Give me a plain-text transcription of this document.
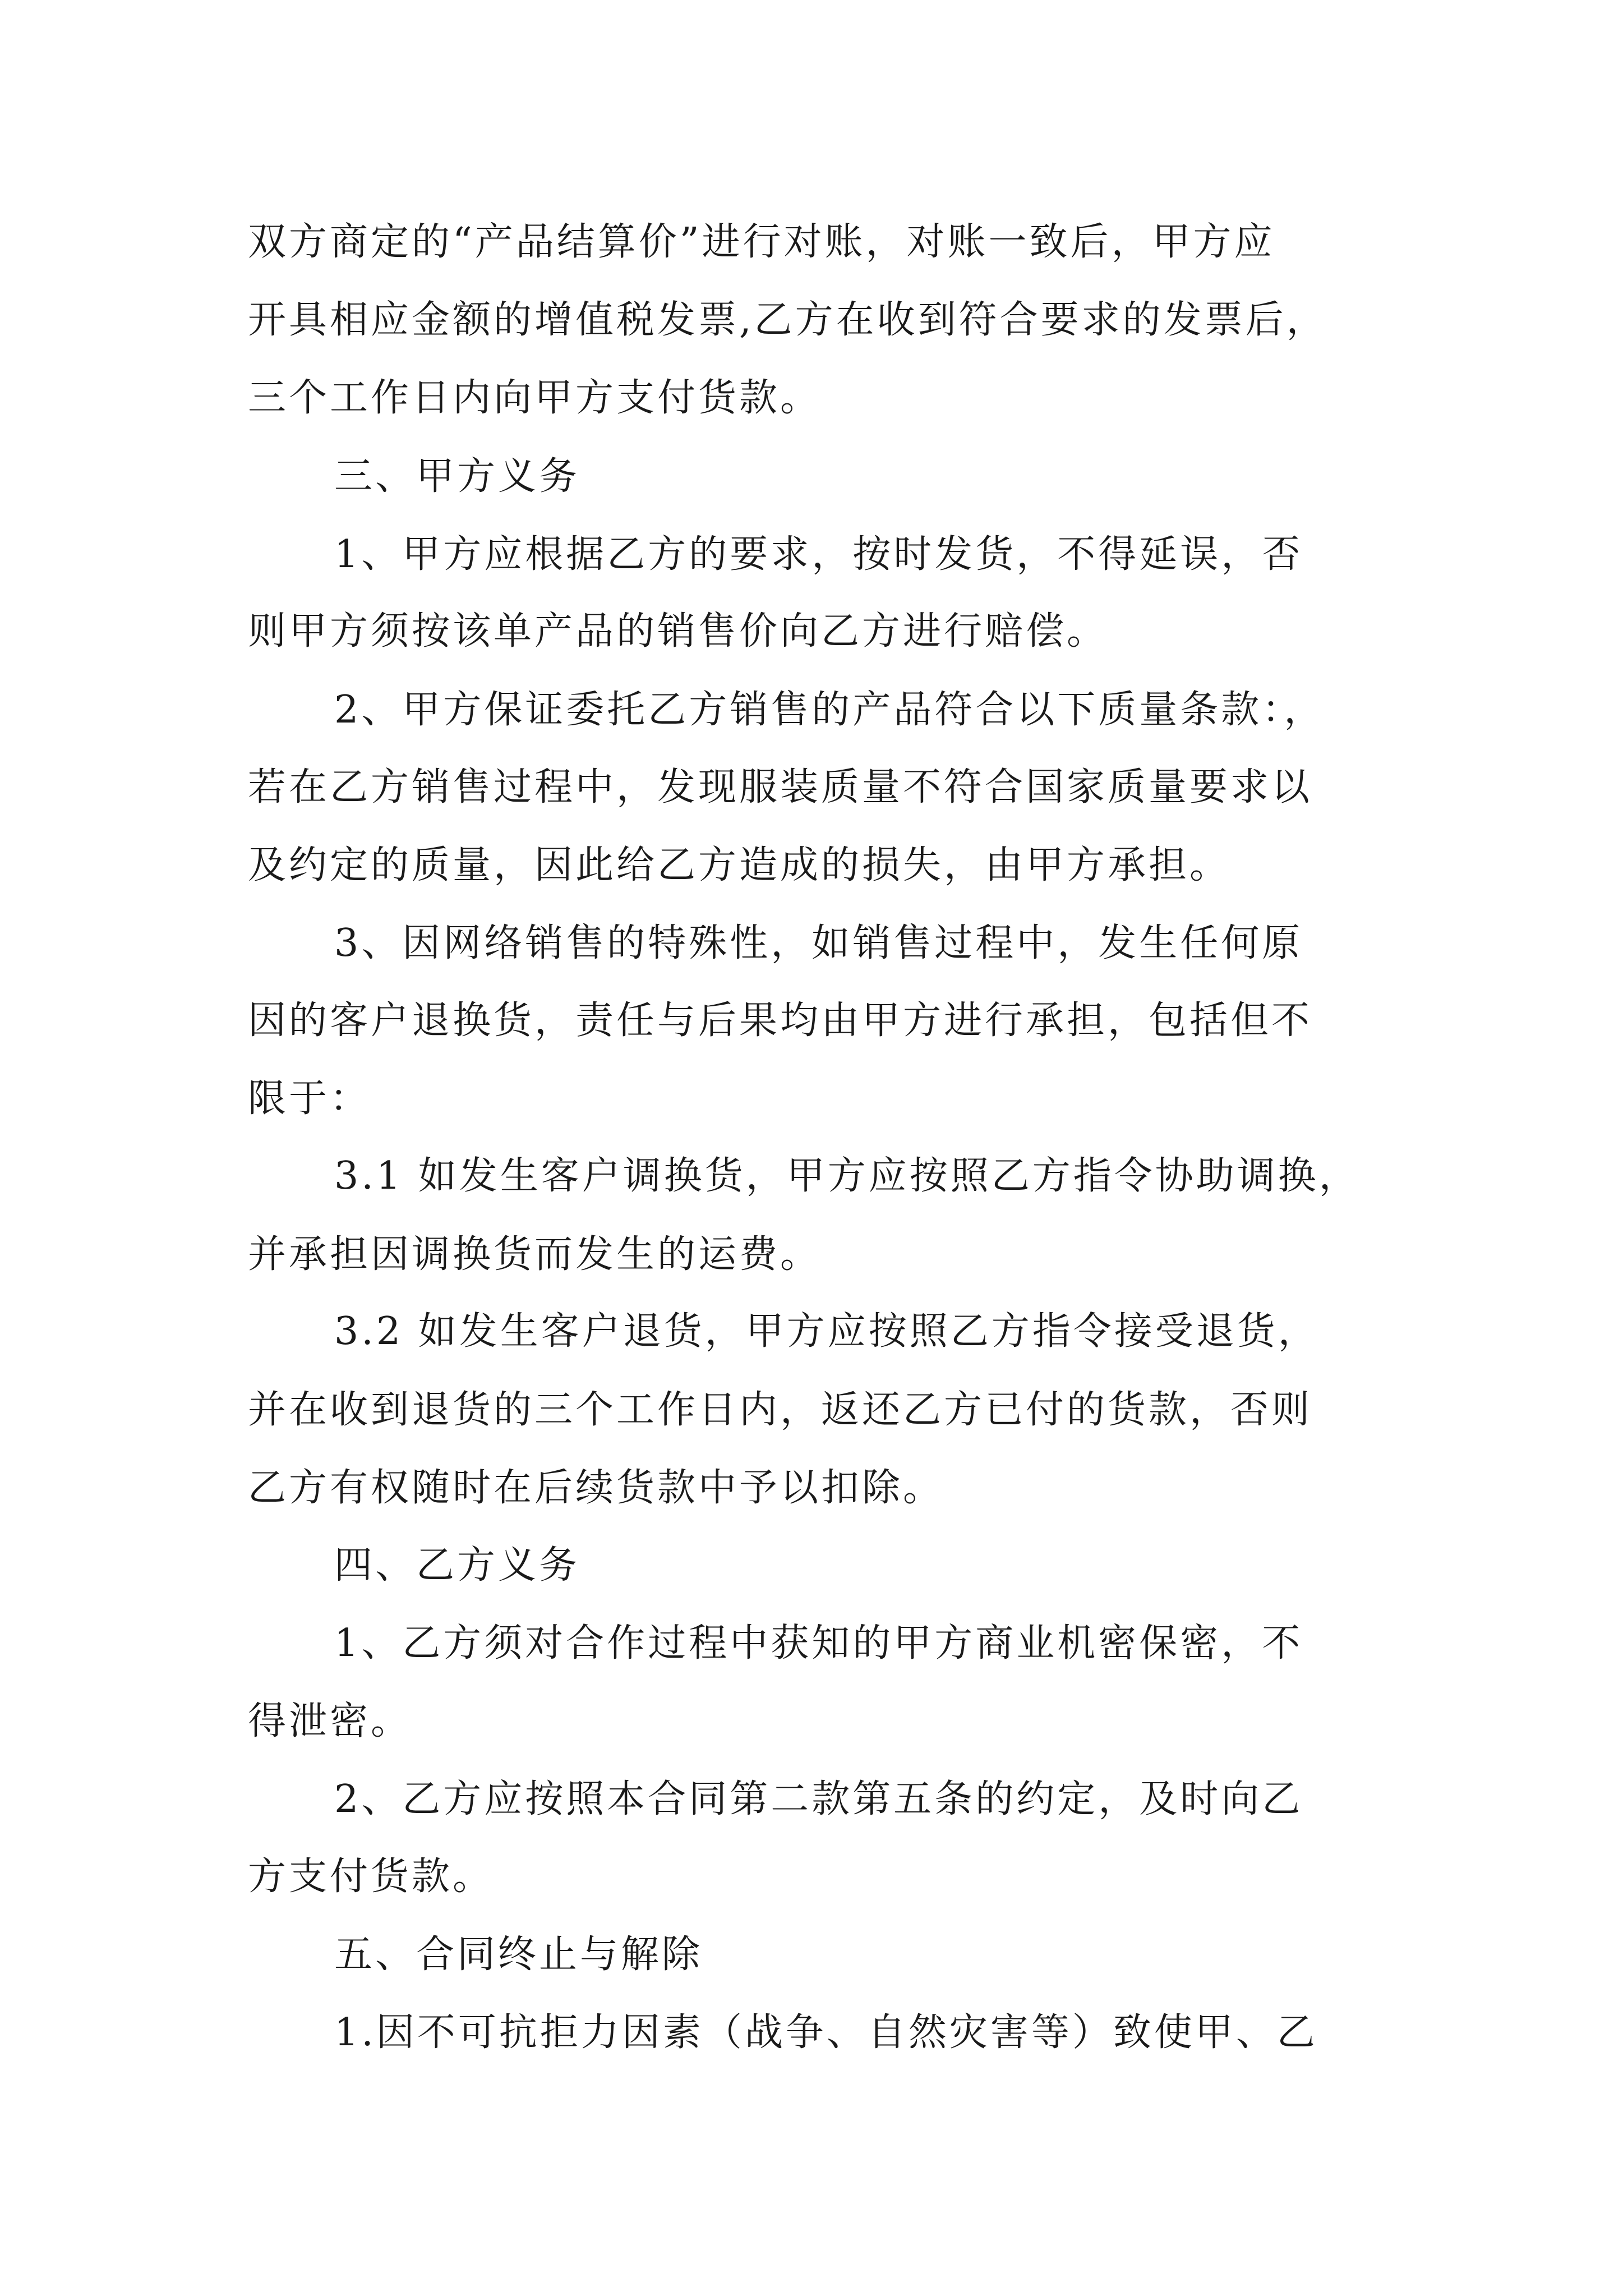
双方商定的“产品结算价”进行对账，对账一致后，甲方应

开具相应金额的增值税发票,乙方在收到符合要求的发票后，

三个工作日内向甲方支付货款。

三、甲方义务

1、甲方应根据乙方的要求，按时发货，不得延误，否

则甲方须按该单产品的销售价向乙方进行赔偿。

2、甲方保证委托乙方销售的产品符合以下质量条款：，

若在乙方销售过程中，发现服装质量不符合国家质量要求以

及约定的质量，因此给乙方造成的损失，由甲方承担。

3、因网络销售的特殊性，如销售过程中，发生任何原

因的客户退换货，责任与后果均由甲方进行承担，包括但不

限于：

3.1 如发生客户调换货，甲方应按照乙方指令协助调换，

并承担因调换货而发生的运费。

3.2 如发生客户退货，甲方应按照乙方指令接受退货，

并在收到退货的三个工作日内，返还乙方已付的货款，否则

乙方有权随时在后续货款中予以扣除。

四、乙方义务

1、乙方须对合作过程中获知的甲方商业机密保密，不

得泄密。

2、乙方应按照本合同第二款第五条的约定，及时向乙

方支付货款。

五、合同终止与解除

1.因不可抗拒力因素（战争、自然灾害等）致使甲、乙
